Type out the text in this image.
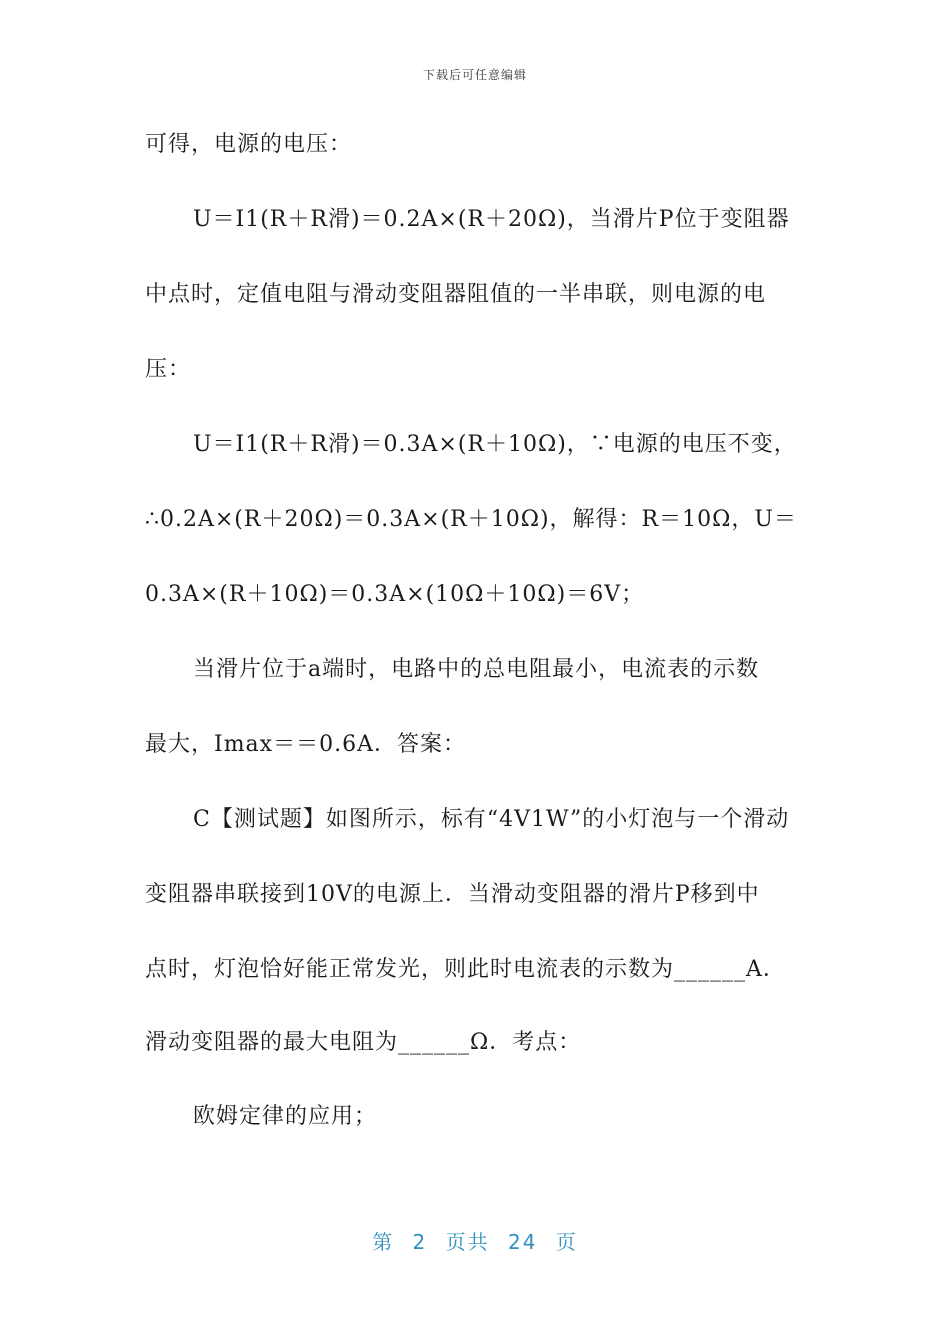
下载后可任意编辑
可得，电源的电压：
U＝I1(R＋R滑)＝0.2A×(R＋20Ω)，当滑片P位于变阻器
中点时，定值电阻与滑动变阻器阻值的一半串联，则电源的电
压：
U＝I1(R＋R滑)＝0.3A×(R＋10Ω)，∵电源的电压不变，
∴0.2A×(R＋20Ω)＝0.3A×(R＋10Ω)，解得：R＝10Ω，U＝
0.3A×(R＋10Ω)＝0.3A×(10Ω＋10Ω)＝6V；
当滑片位于a端时，电路中的总电阻最小，电流表的示数
最大，Imax＝＝0.6A．答案：
C【测试题】如图所示，标有“4V1W”的小灯泡与一个滑动
变阻器串联接到10V的电源上．当滑动变阻器的滑片P移到中
点时，灯泡恰好能正常发光，则此时电流表的示数为______A．
滑动变阻器的最大电阻为______Ω．考点：
欧姆定律的应用；
第 2 页共 24 页
